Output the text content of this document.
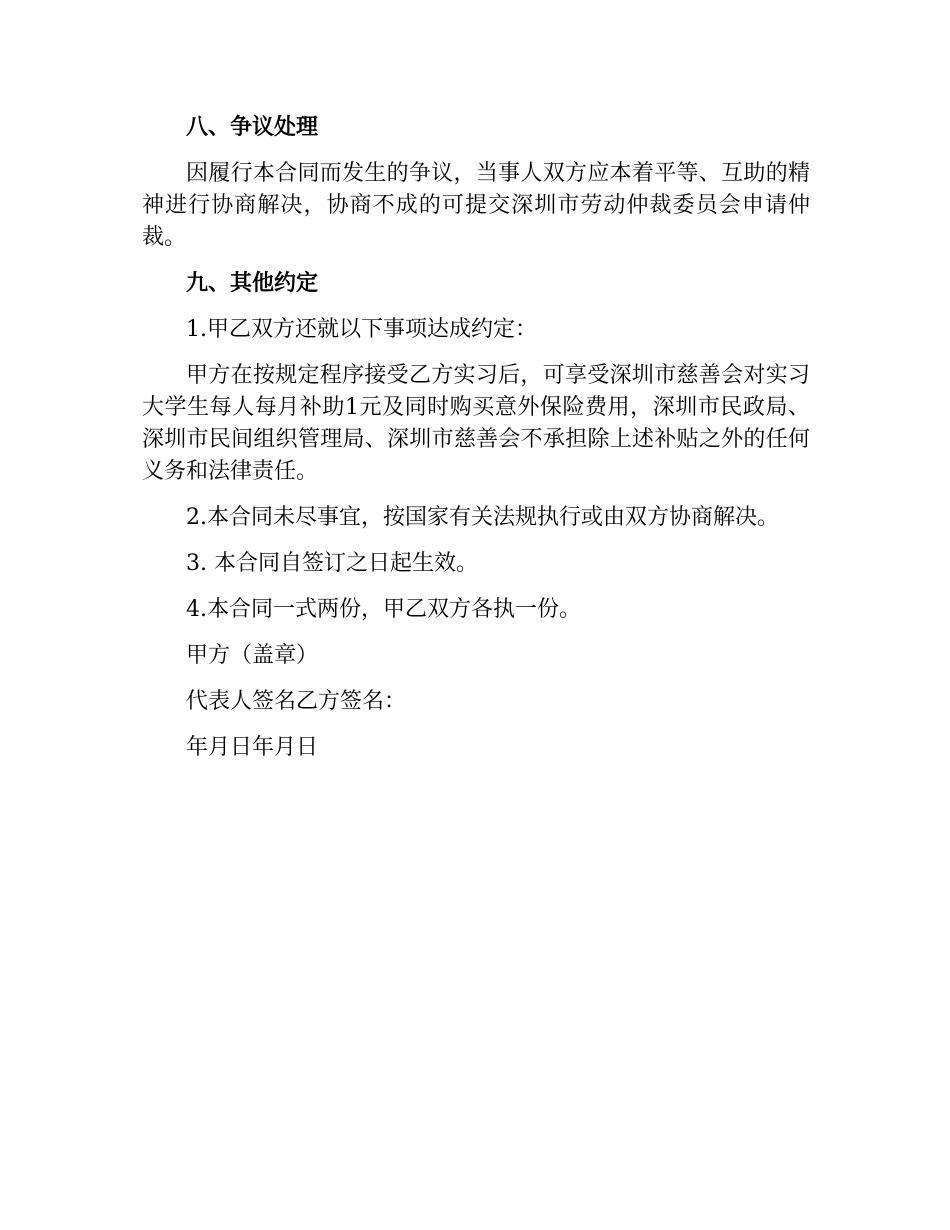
八、争议处理

因履行本合同而发生的争议，当事人双方应本着平等、互助的精神进行协商解决，协商不成的可提交深圳市劳动仲裁委员会申请仲裁。

九、其他约定

1.甲乙双方还就以下事项达成约定：

甲方在按规定程序接受乙方实习后，可享受深圳市慈善会对实习大学生每人每月补助1元及同时购买意外保险费用，深圳市民政局、深圳市民间组织管理局、深圳市慈善会不承担除上述补贴之外的任何义务和法律责任。

2.本合同未尽事宜，按国家有关法规执行或由双方协商解决。

3. 本合同自签订之日起生效。

4.本合同一式两份，甲乙双方各执一份。

甲方（盖章）

代表人签名乙方签名：

年月日年月日
